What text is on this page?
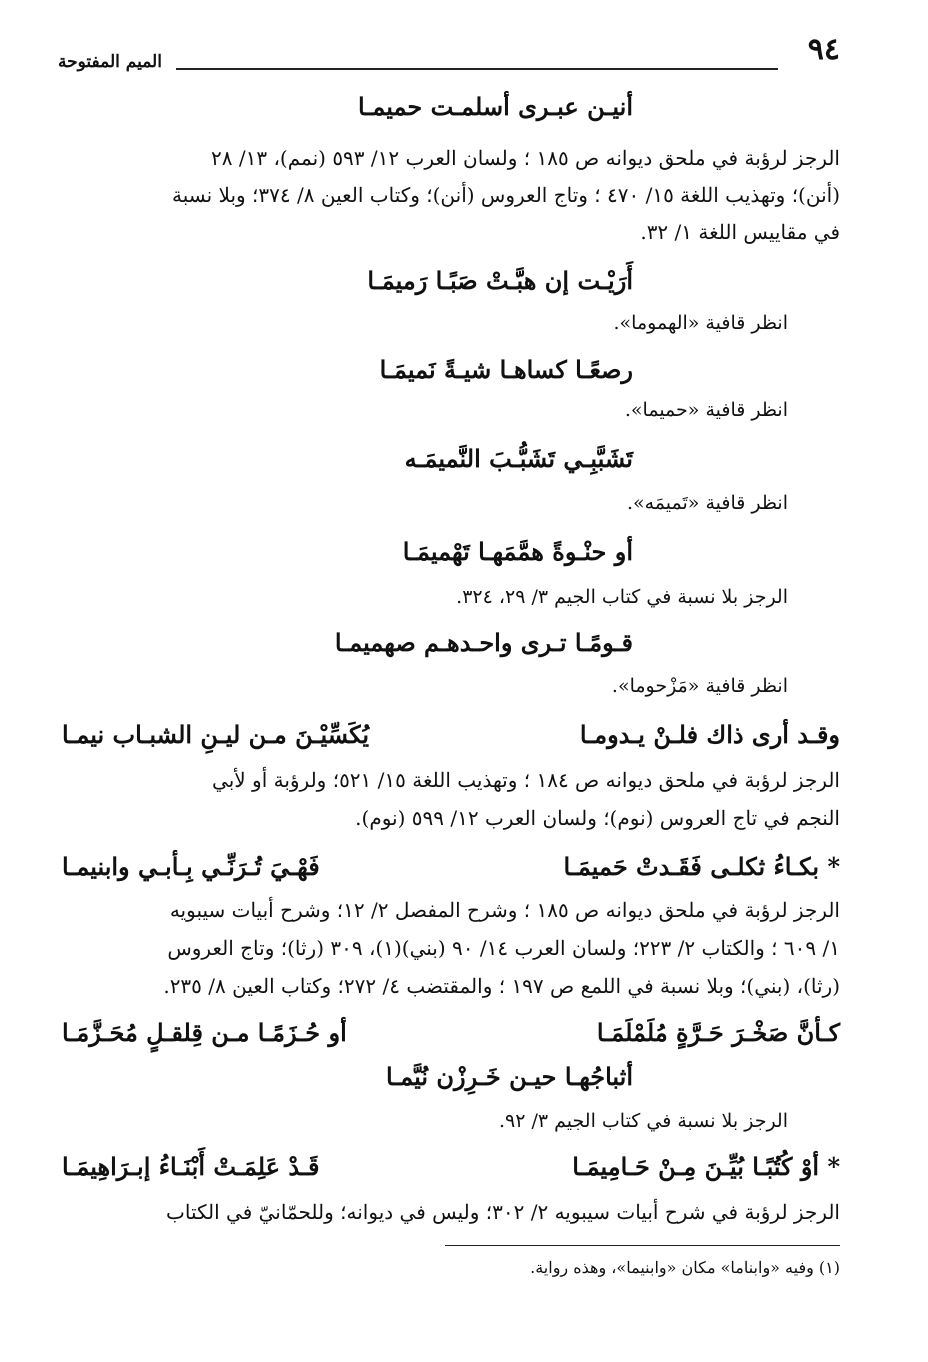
٩٤
الميم المفتوحة
أنيـن عبـرى أسلمـت حميمـا
الرجز لرؤبة في ملحق ديوانه ص ١٨٥ ؛ ولسان العرب ١٢/ ٥٩٣ (نمم)، ١٣/ ٢٨
(أنن)؛ وتهذيب اللغة ١٥/ ٤٧٠ ؛ وتاج العروس (أنن)؛ وكتاب العين ٨/ ٣٧٤؛ وبلا نسبة
في مقاييس اللغة ١/ ٣٢.
أَرَيْـت إن هبَّـتْ صَبًـا رَميمَـا
انظر قافية «الهموما».
رصعًـا كساهـا شيـةً نَميمَـا
انظر قافية «حميما».
تَشَبَّبِـي تَشَبُّـبَ النَّميمَـه
انظر قافية «تَميمَه».
أو حنْـوةً همَّمَهـا تَهْميمَـا
الرجز بلا نسبة في كتاب الجيم ٣/ ٢٩، ٣٢٤.
قـومًـا تـرى واحـدهـم صهميمـا
انظر قافية «مَزْحوما».
وقـد أرى ذاك فلـنْ يـدومـا
يُكَسِّيْـنَ مـن ليـنِ الشبـاب نيمـا
الرجز لرؤبة في ملحق ديوانه ص ١٨٤ ؛ وتهذيب اللغة ١٥/ ٥٢١؛ ولرؤبة أو لأبي
النجم في تاج العروس (نوم)؛ ولسان العرب ١٢/ ٥٩٩ (نوم).
* بكـاءُ ثكلـى فَقَـدتْ حَميمَـا
فَهْـيَ تُـرَنِّـي بِـأبـي وابنيمـا
الرجز لرؤبة في ملحق ديوانه ص ١٨٥ ؛ وشرح المفصل ٢/ ١٢؛ وشرح أبيات سيبويه
١/ ٦٠٩ ؛ والكتاب ٢/ ٢٢٣؛ ولسان العرب ١٤/ ٩٠ (بني)(١)، ٣٠٩ (رثا)؛ وتاج العروس
(رثا)، (بني)؛ وبلا نسبة في اللمع ص ١٩٧ ؛ والمقتضب ٤/ ٢٧٢؛ وكتاب العين ٨/ ٢٣٥.
كـأنَّ صَخْـرَ حَـرَّةٍ مُلَمْلَمَـا
أو حُـزَمًـا مـن قِلقـلٍ مُحَـزَّمَـا
أثباجُهـا حيـن خَـرِزْن نُيَّمـا
الرجز بلا نسبة في كتاب الجيم ٣/ ٩٢.
* أوْ كُتُبًـا بُيِّـنَ مِـنْ حَـامِيمَـا
قَـدْ عَلِمَـتْ أَبْنَـاءُ إبـرَاهِيمَـا
الرجز لرؤبة في شرح أبيات سيبويه ٢/ ٣٠٢؛ وليس في ديوانه؛ وللحمّانيّ في الكتاب
(١) وفيه «وابناما» مكان «وابنيما»، وهذه رواية.
